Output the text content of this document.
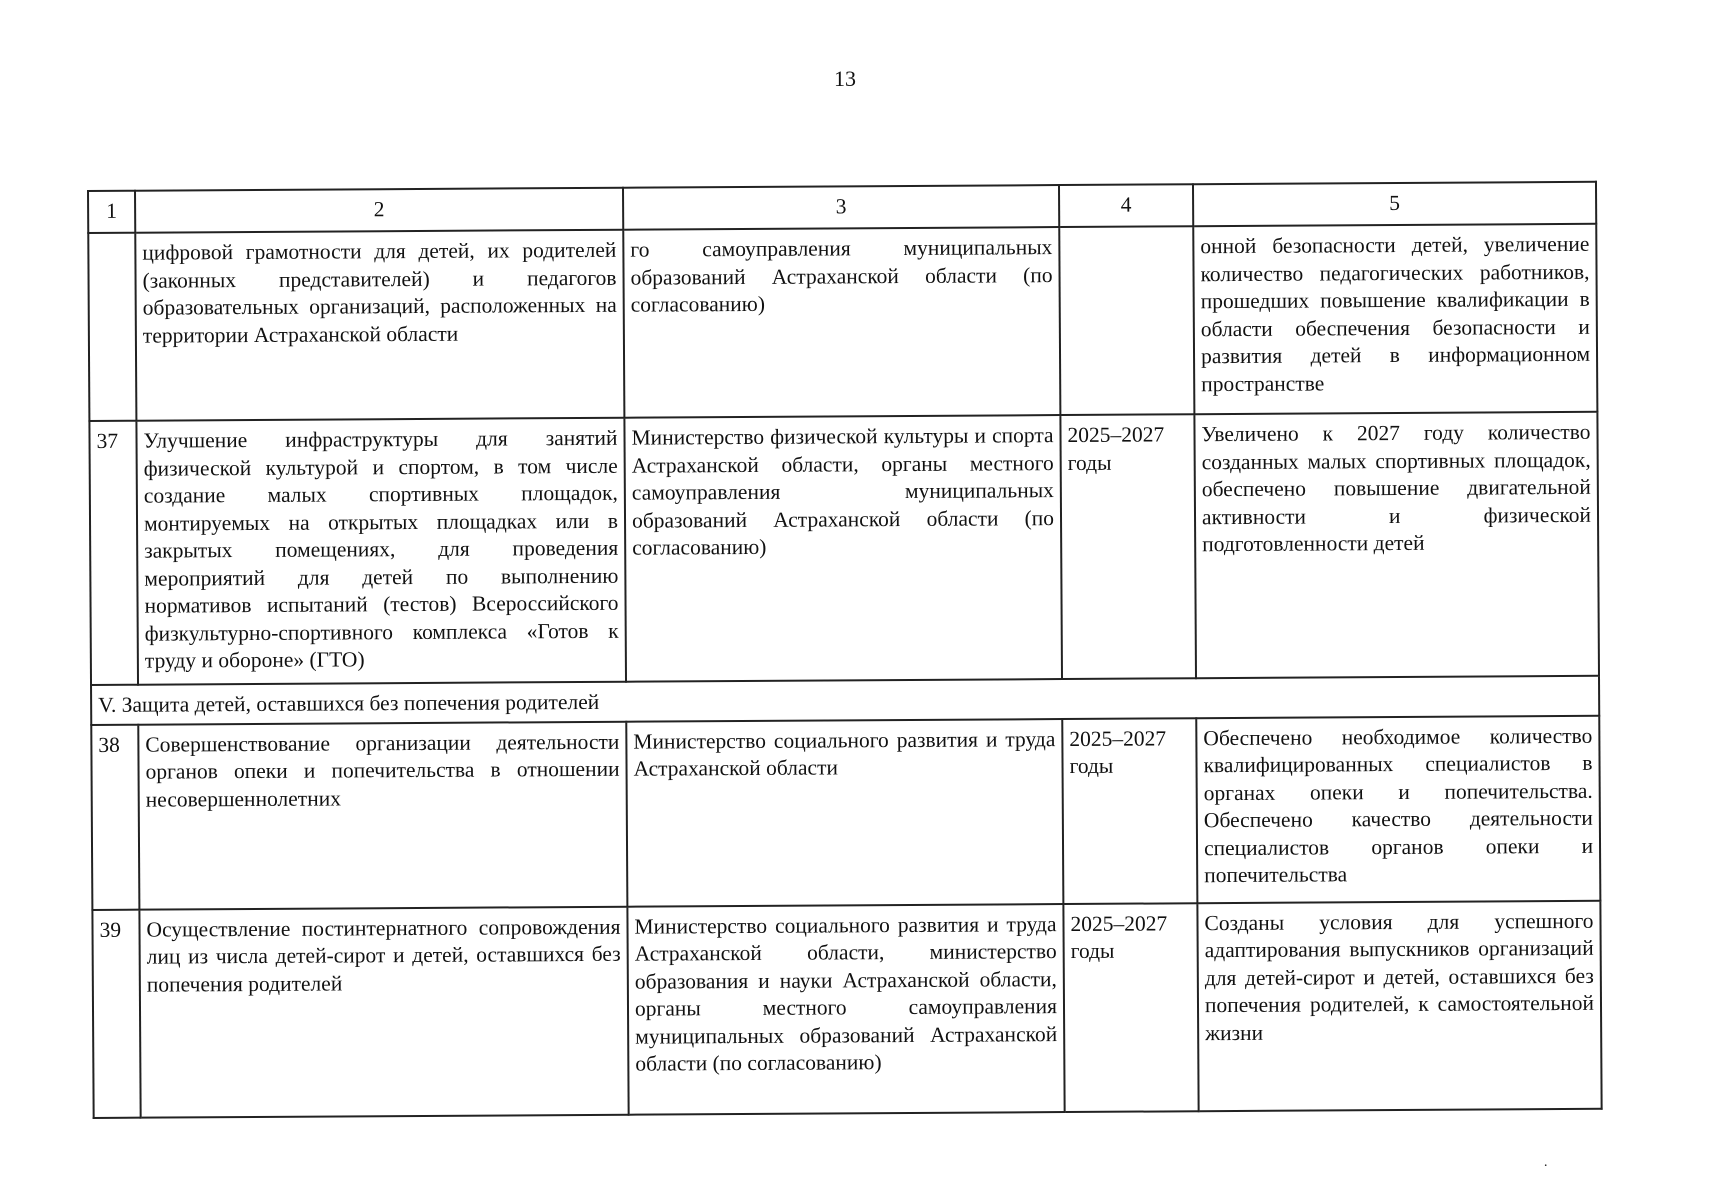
13
1	2	3	4	5
	цифровой грамотности для детей, их родителей (законных представителей) и педагогов образовательных организаций, расположенных на территории Астраханской области	го самоуправления муниципальных образований Астраханской области (по согласованию)		онной безопасности детей, увеличение количество педагогических работников, прошедших повышение квалификации в области обеспечения безопасности и развития детей в информационном пространстве
37	Улучшение инфраструктуры для занятий физической культурой и спортом, в том числе создание малых спортивных площадок, монтируемых на открытых площадках или в закрытых помещениях, для проведения мероприятий для детей по выполнению нормативов испытаний (тестов) Всероссийского физкультурно-спортивного комплекса «Готов к труду и обороне» (ГТО)	Министерство физической культуры и спорта Астраханской области, органы местного самоуправления муниципальных образований Астраханской области (по согласованию)	2025–2027 годы	Увеличено к 2027 году количество созданных малых спортивных площадок, обеспечено повышение двигательной активности и физической подготовленности детей
V. Защита детей, оставшихся без попечения родителей				
38	Совершенствование организации деятельности органов опеки и попечительства в отношении несовершеннолетних	Министерство социального развития и труда Астраханской области	2025–2027 годы	Обеспечено необходимое количество квалифицированных специалистов в органах опеки и попечительства. Обеспечено качество деятельности специалистов органов опеки и попечительства
39	Осуществление постинтернатного сопровождения лиц из числа детей-сирот и детей, оставшихся без попечения родителей	Министерство социального развития и труда Астраханской области, министерство образования и науки Астраханской области, органы местного самоуправления муниципальных образований Астраханской области (по согласованию)	2025–2027 годы	Созданы условия для успешного адаптирования выпускников организаций для детей-сирот и детей, оставшихся без попечения родителей, к самостоятельной жизни
·
